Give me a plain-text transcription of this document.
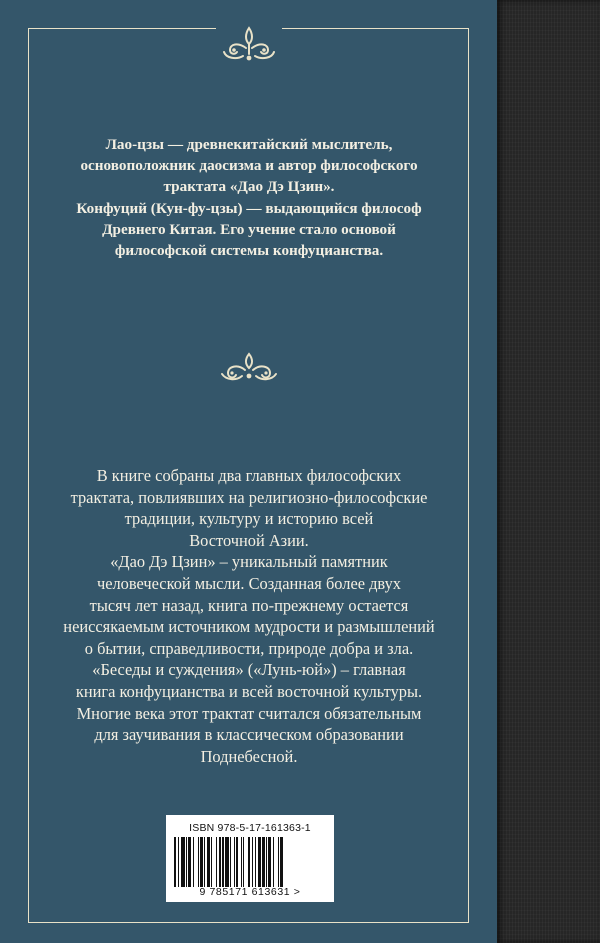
Лао-цзы — древнекитайский мыслитель,

основоположник даосизма и автор философского

трактата «Дао Дэ Цзин».

Конфуций (Кун-фу-цзы) — выдающийся философ

Древнего Китая. Его учение стало основой

философской системы конфуцианства.

В книге собраны два главных философских

трактата, повлиявших на религиозно-философские

традиции, культуру и историю всей

Восточной Азии.

«Дао Дэ Цзин» – уникальный памятник

человеческой мысли. Созданная более двух

тысяч лет назад, книга по-прежнему остается

неиссякаемым источником мудрости и размышлений

о бытии, справедливости, природе добра и зла.

«Беседы и суждения» («Лунь-юй») – главная

книга конфуцианства и всей восточной культуры.

Многие века этот трактат считался обязательным

для заучивания в классическом образовании

Поднебесной.

ISBN 978-5-17-161363-1
9 785171 613631 >
